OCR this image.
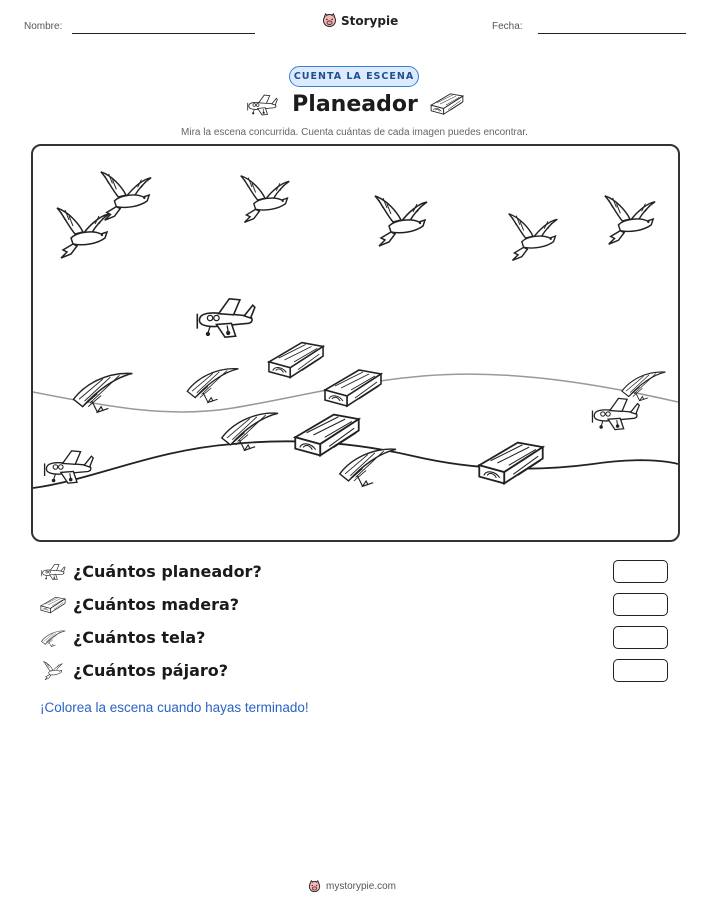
Nombre:	Storypie	Fecha:
CUENTA LA ESCENA
Planeador
Mira la escena concurrida. Cuenta cuántas de cada imagen puedes encontrar.
¿Cuántos planeador?
¿Cuántos madera?
¿Cuántos tela?
¿Cuántos pájaro?
¡Colorea la escena cuando hayas terminado!
mystorypie.com
